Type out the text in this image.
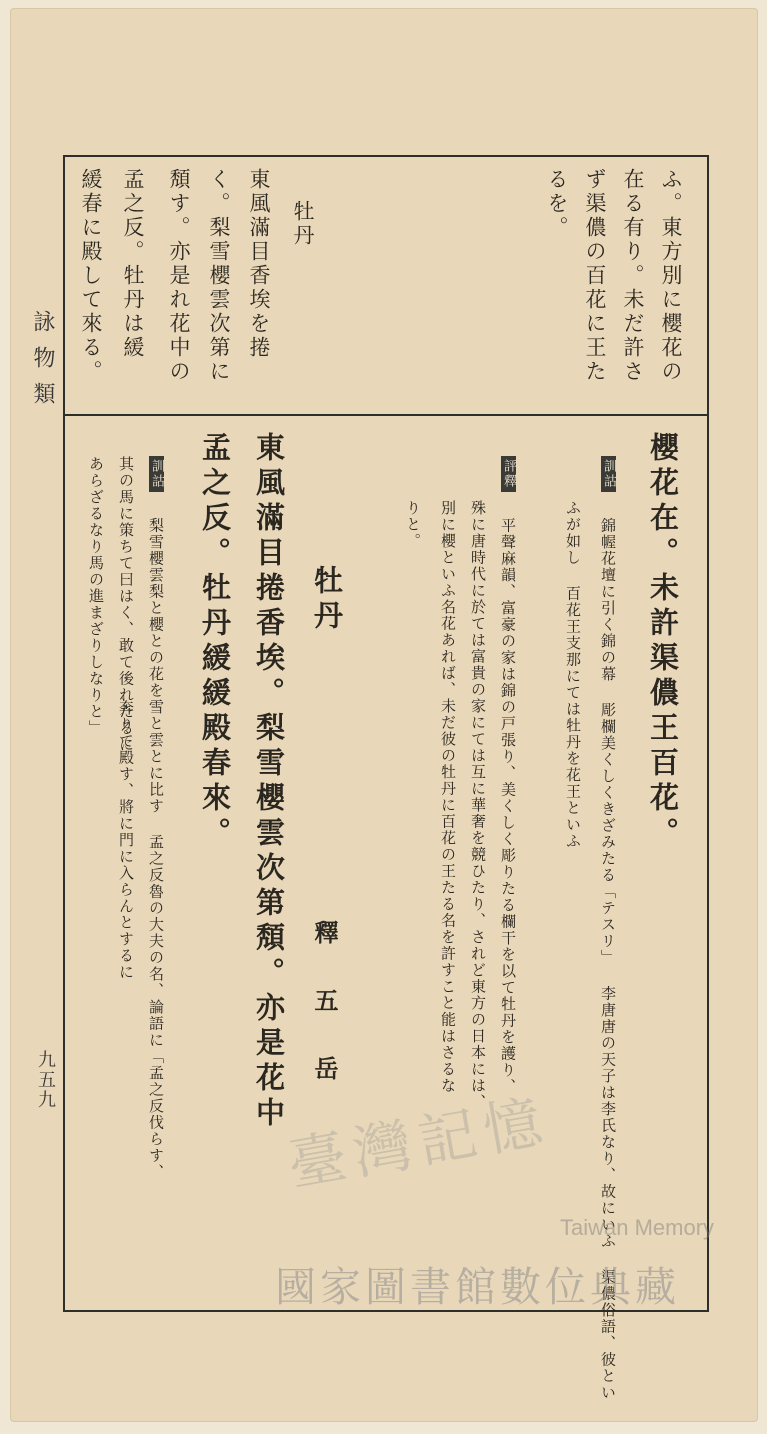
詠物類
九五九
ふ。東方別に櫻花の
在る有り。未だ許さ
ず渠儂の百花に王た
るを。
牡丹
東風滿目香埃を捲
く。梨雪櫻雲次第に
頽す。亦是れ花中の
孟之反。牡丹は緩
緩春に殿して來る。
櫻花在。未許渠儂王百花。
訓詁 錦幄花壇に引く錦の幕 彫欄美くしくきざみたる「テスリ」 李唐唐の天子は李氏なり、故にいふ 渠儂俗語、彼とい
ふが如し 百花王支那にては牡丹を花王といふ
評釋 平聲麻韻、富豪の家は錦の戸張り、美くしく彫りたる欄干を以て牡丹を護り、
殊に唐時代に於ては富貴の家にては互に華奢を競ひたり、されど東方の日本には、
別に櫻といふ名花あれば、未だ彼の牡丹に百花の王たる名を許すこと能はさるな
りと。
牡丹
釋　五　岳
東風滿目捲香埃。梨雪櫻雲次第頽。亦是花中
孟之反。牡丹緩緩殿春來。
訓詁 梨雪櫻雲梨と櫻との花を雪と雲とに比す 孟之反魯の大夫の名、論語に「孟之反伐らす、
奔りて殿す、將に門に入らんとするに
其の馬に策ちて曰はく、敢て後れたるに
あらざるなり馬の進まざりしなりと」
臺灣記憶
Taiwan Memory
國家圖書館數位典藏
